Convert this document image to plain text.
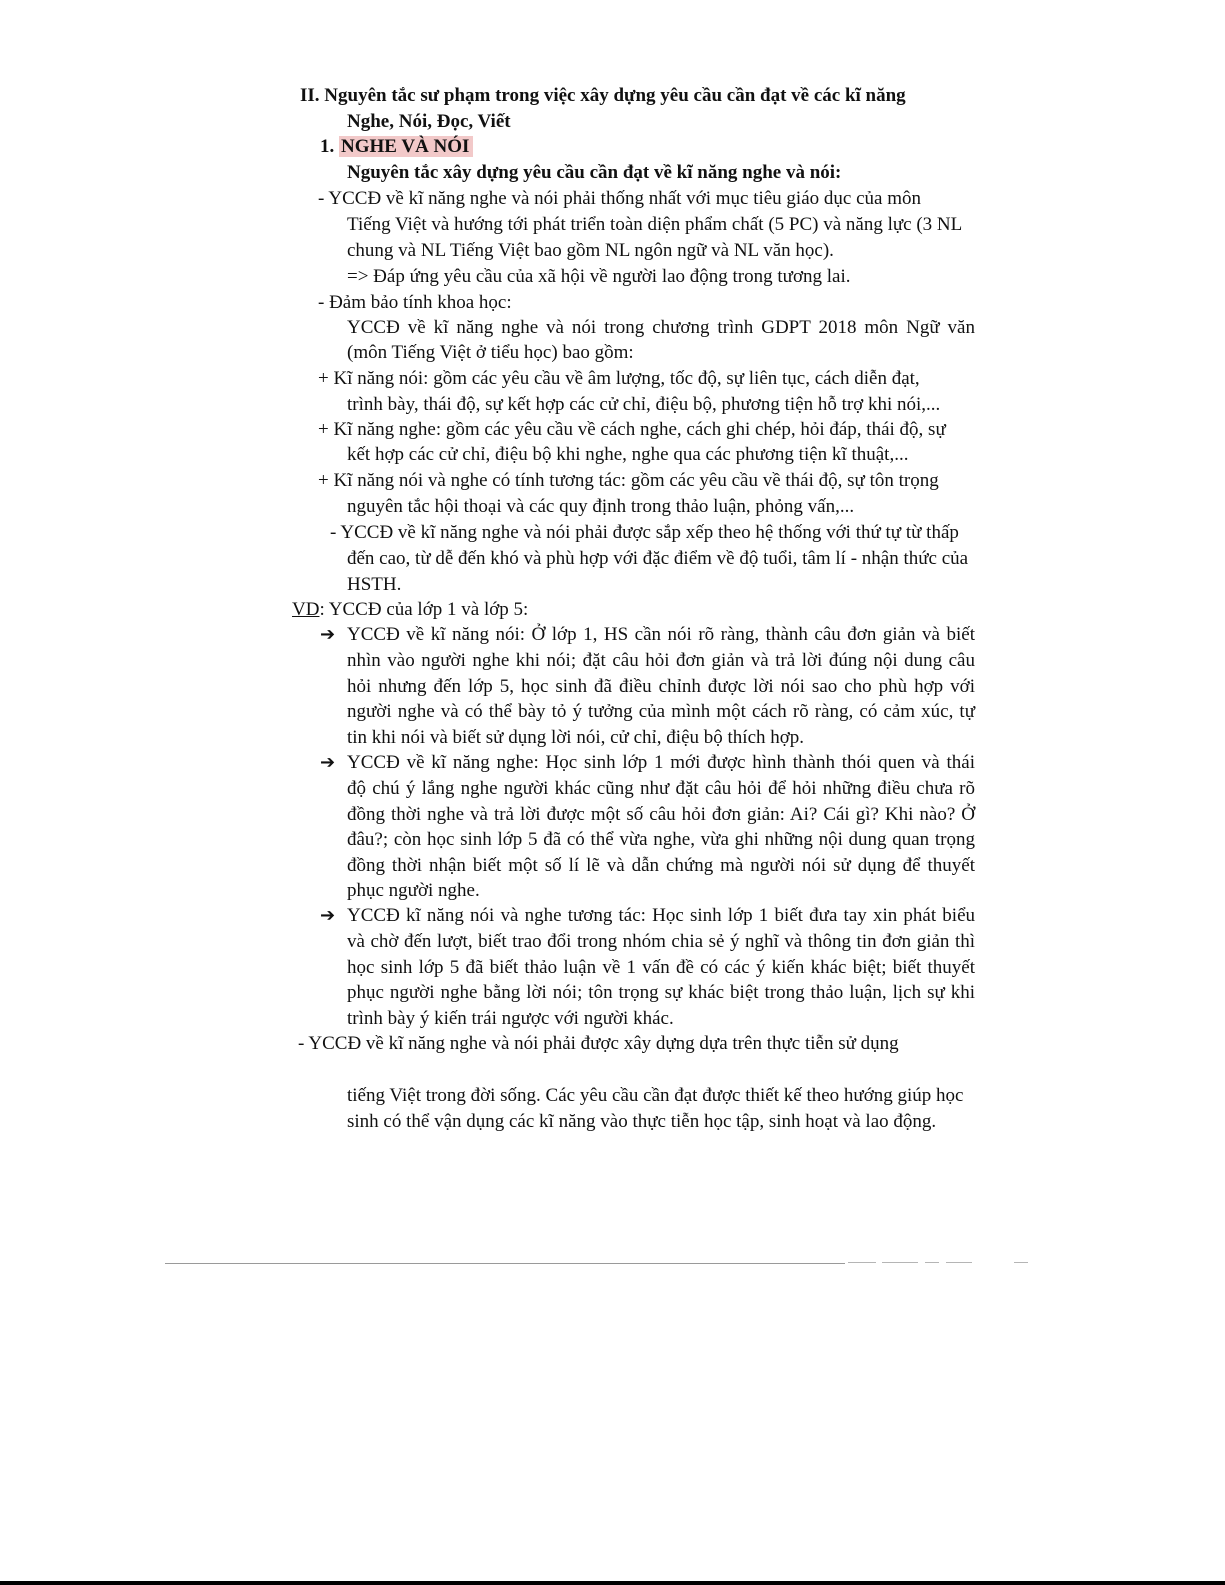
II. Nguyên tắc sư phạm trong việc xây dựng yêu cầu cần đạt về các kĩ năng
Nghe, Nói, Đọc, Viết
1. NGHE VÀ NÓI
Nguyên tắc xây dựng yêu cầu cần đạt về kĩ năng nghe và nói:
- YCCĐ về kĩ năng nghe và nói phải thống nhất với mục tiêu giáo dục của môn
Tiếng Việt và hướng tới phát triển toàn diện phẩm chất (5 PC) và năng lực (3 NL
chung và NL Tiếng Việt bao gồm NL ngôn ngữ và NL văn học).
=> Đáp ứng yêu cầu của xã hội về người lao động trong tương lai.
- Đảm bảo tính khoa học:
YCCĐ về kĩ năng nghe và nói trong chương trình GDPT 2018 môn Ngữ văn
(môn Tiếng Việt ở tiểu học) bao gồm:
+ Kĩ năng nói: gồm các yêu cầu về âm lượng, tốc độ, sự liên tục, cách diễn đạt,
trình bày, thái độ, sự kết hợp các cử chỉ, điệu bộ, phương tiện hỗ trợ khi nói,...
+ Kĩ năng nghe: gồm các yêu cầu về cách nghe, cách ghi chép, hỏi đáp, thái độ, sự
kết hợp các cử chỉ, điệu bộ khi nghe, nghe qua các phương tiện kĩ thuật,...
+ Kĩ năng nói và nghe có tính tương tác: gồm các yêu cầu về thái độ, sự tôn trọng
nguyên tắc hội thoại và các quy định trong thảo luận, phỏng vấn,...
- YCCĐ về kĩ năng nghe và nói phải được sắp xếp theo hệ thống với thứ tự từ thấp
đến cao, từ dễ đến khó và phù hợp với đặc điểm về độ tuổi, tâm lí - nhận thức của
HSTH.
VD: YCCĐ của lớp 1 và lớp 5:
➔ YCCĐ về kĩ năng nói: Ở lớp 1, HS cần nói rõ ràng, thành câu đơn giản và biết
nhìn vào người nghe khi nói; đặt câu hỏi đơn giản và trả lời đúng nội dung câu
hỏi nhưng đến lớp 5, học sinh đã điều chỉnh được lời nói sao cho phù hợp với
người nghe và có thể bày tỏ ý tưởng của mình một cách rõ ràng, có cảm xúc, tự
tin khi nói và biết sử dụng lời nói, cử chỉ, điệu bộ thích hợp.
➔ YCCĐ về kĩ năng nghe: Học sinh lớp 1 mới được hình thành thói quen và thái
độ chú ý lắng nghe người khác cũng như đặt câu hỏi để hỏi những điều chưa rõ
đồng thời nghe và trả lời được một số câu hỏi đơn giản: Ai? Cái gì? Khi nào? Ở
đâu?; còn học sinh lớp 5 đã có thể vừa nghe, vừa ghi những nội dung quan trọng
đồng thời nhận biết một số lí lẽ và dẫn chứng mà người nói sử dụng để thuyết
phục người nghe.
➔ YCCĐ kĩ năng nói và nghe tương tác: Học sinh lớp 1 biết đưa tay xin phát biểu
và chờ đến lượt, biết trao đổi trong nhóm chia sẻ ý nghĩ và thông tin đơn giản thì
học sinh lớp 5 đã biết thảo luận về 1 vấn đề có các ý kiến khác biệt; biết thuyết
phục người nghe bằng lời nói; tôn trọng sự khác biệt trong thảo luận, lịch sự khi
trình bày ý kiến trái ngược với người khác.
- YCCĐ về kĩ năng nghe và nói phải được xây dựng dựa trên thực tiễn sử dụng
tiếng Việt trong đời sống. Các yêu cầu cần đạt được thiết kế theo hướng giúp học
sinh có thể vận dụng các kĩ năng vào thực tiễn học tập, sinh hoạt và lao động.
